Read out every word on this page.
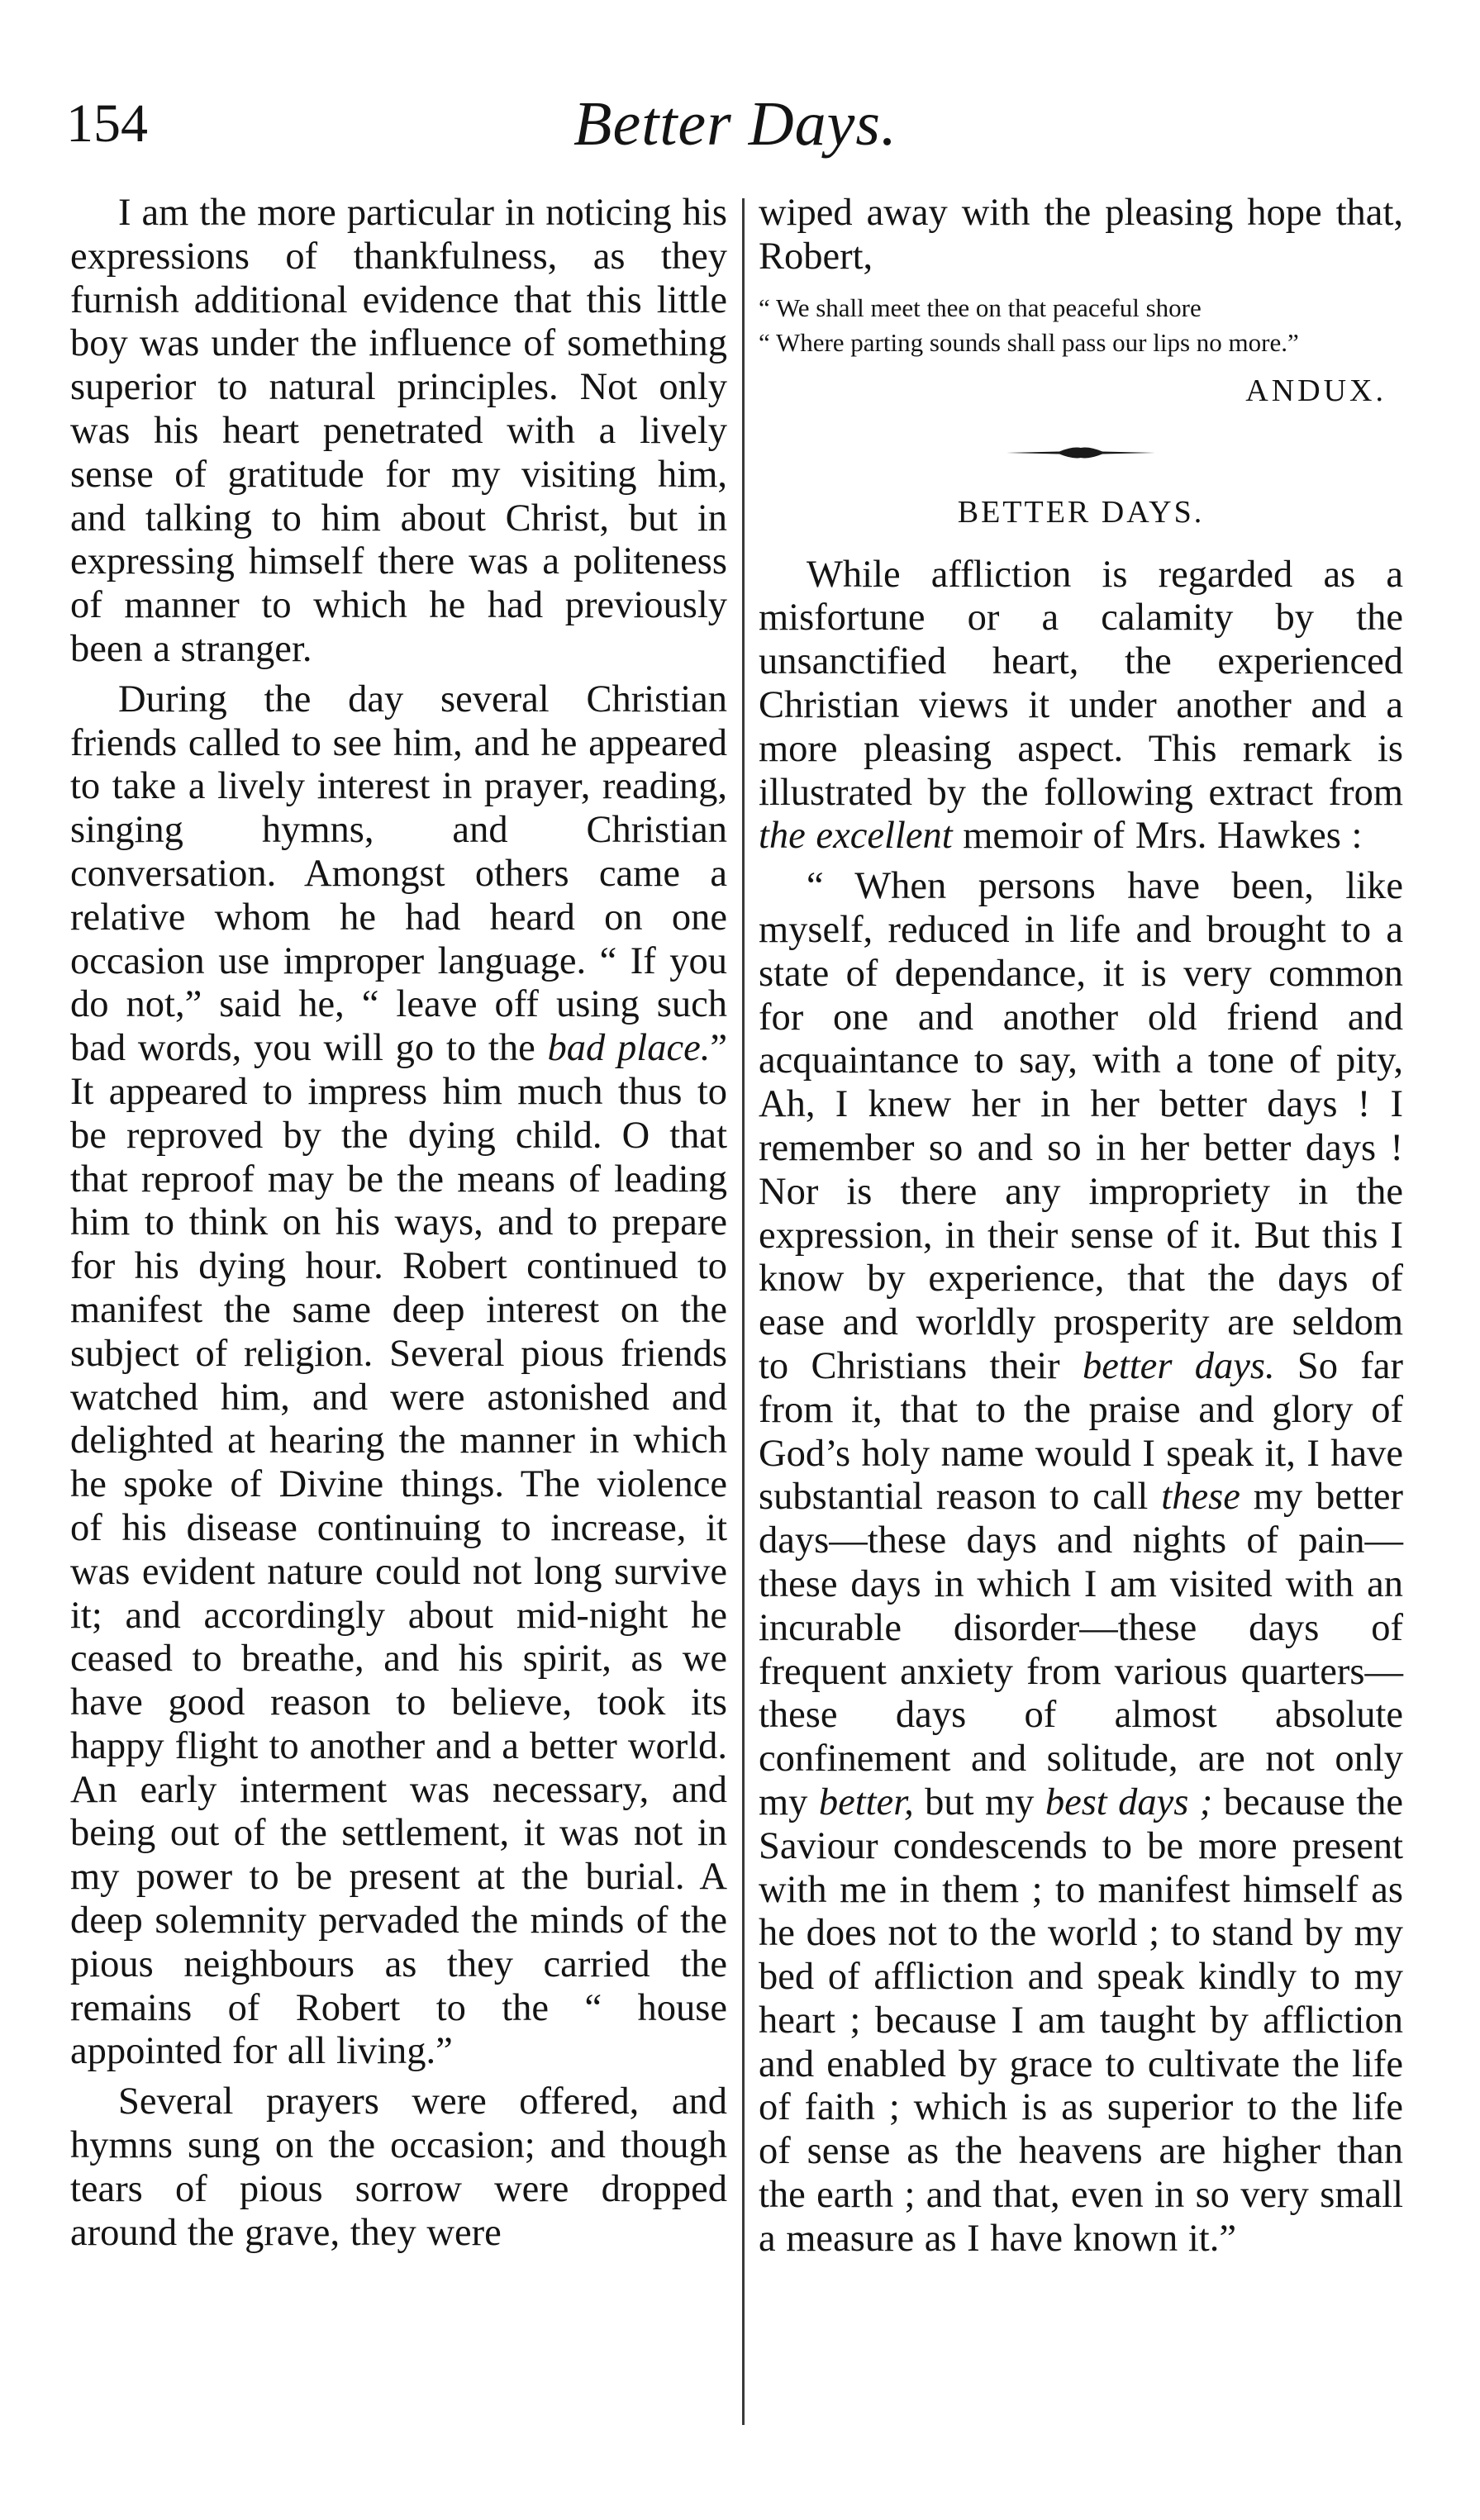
154	Better Days.

I am the more particular in noticing his expressions of thankfulness, as they furnish additional evidence that this little boy was under the influence of something superior to natural principles. Not only was his heart penetrated with a lively sense of gratitude for my visiting him, and talking to him about Christ, but in expressing himself there was a politeness of manner to which he had previously been a stranger.

During the day several Christian friends called to see him, and he appeared to take a lively interest in prayer, reading, singing hymns, and Christian conversation. Amongst others came a relative whom he had heard on one occasion use improper language. “ If you do not,” said he, “ leave off using such bad words, you will go to the bad place.” It appeared to impress him much thus to be reproved by the dying child. O that that reproof may be the means of leading him to think on his ways, and to prepare for his dying hour. Robert continued to manifest the same deep interest on the subject of religion. Several pious friends watched him, and were astonished and delighted at hearing the manner in which he spoke of Divine things. The violence of his disease continuing to increase, it was evident nature could not long survive it; and accordingly about mid-night he ceased to breathe, and his spirit, as we have good reason to believe, took its happy flight to another and a better world. An early interment was necessary, and being out of the settlement, it was not in my power to be present at the burial. A deep solemnity pervaded the minds of the pious neighbours as they carried the remains of Robert to the “ house appointed for all living.”

Several prayers were offered, and hymns sung on the occasion; and though tears of pious sorrow were dropped around the grave, they were

wiped away with the pleasing hope that, Robert,

“ We shall meet thee on that peaceful shore
“ Where parting sounds shall pass our lips no more.”
ANDUX.
BETTER DAYS.

While affliction is regarded as a misfortune or a calamity by the unsanctified heart, the experienced Christian views it under another and a more pleasing aspect. This remark is illustrated by the following extract from the excellent memoir of Mrs. Hawkes :

“ When persons have been, like myself, reduced in life and brought to a state of dependance, it is very common for one and another old friend and acquaintance to say, with a tone of pity, Ah, I knew her in her better days ! I remember so and so in her better days ! Nor is there any impropriety in the expression, in their sense of it. But this I know by experience, that the days of ease and worldly prosperity are seldom to Christians their better days. So far from it, that to the praise and glory of God’s holy name would I speak it, I have substantial reason to call these my better days—these days and nights of pain—these days in which I am visited with an incurable disorder—these days of frequent anxiety from various quarters—these days of almost absolute confinement and solitude, are not only my better, but my best days ; because the Saviour condescends to be more present with me in them ; to manifest himself as he does not to the world ; to stand by my bed of affliction and speak kindly to my heart ; because I am taught by affliction and enabled by grace to cultivate the life of faith ; which is as superior to the life of sense as the heavens are higher than the earth ; and that, even in so very small a measure as I have known it.”
